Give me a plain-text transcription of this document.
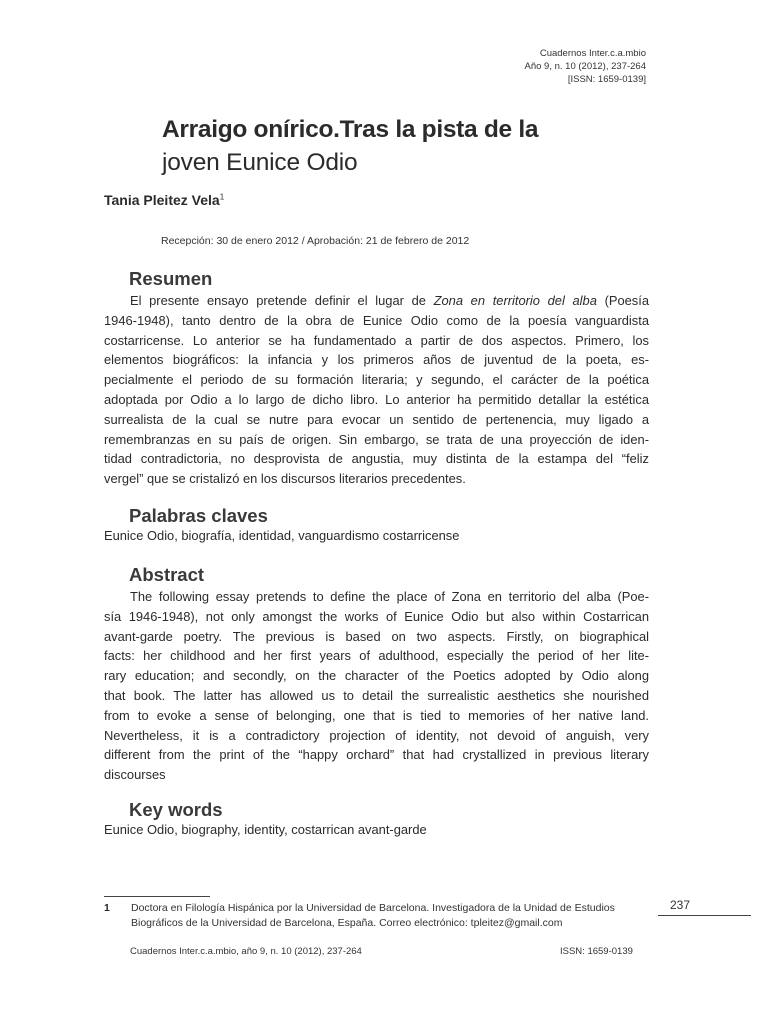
Cuadernos Inter.c.a.mbio
Año 9, n. 10 (2012), 237-264
[ISSN: 1659-0139]
Arraigo onírico.Tras la pista de la
joven Eunice Odio
Tania Pleitez Vela$^1$
Recepción: 30 de enero 2012 / Aprobación: 21 de febrero de 2012
Resumen
El presente ensayo pretende definir el lugar de Zona en territorio del alba (Poesía
1946-1948), tanto dentro de la obra de Eunice Odio como de la poesía vanguardista
costarricense. Lo anterior se ha fundamentado a partir de dos aspectos. Primero, los
elementos biográficos: la infancia y los primeros años de juventud de la poeta, es-
pecialmente el periodo de su formación literaria; y segundo, el carácter de la poética
adoptada por Odio a lo largo de dicho libro. Lo anterior ha permitido detallar la estética
surrealista de la cual se nutre para evocar un sentido de pertenencia, muy ligado a
remembranzas en su país de origen. Sin embargo, se trata de una proyección de iden-
tidad contradictoria, no desprovista de angustia, muy distinta de la estampa del “feliz
vergel” que se cristalizó en los discursos literarios precedentes.
Palabras claves
Eunice Odio, biografía, identidad, vanguardismo costarricense
Abstract
The following essay pretends to define the place of Zona en territorio del alba (Poe-
sía 1946-1948), not only amongst the works of Eunice Odio but also within Costarrican
avant-garde poetry. The previous is based on two aspects. Firstly, on biographical
facts: her childhood and her first years of adulthood, especially the period of her lite-
rary education; and secondly, on the character of the Poetics adopted by Odio along
that book. The latter has allowed us to detail the surrealistic aesthetics she nourished
from to evoke a sense of belonging, one that is tied to memories of her native land.
Nevertheless, it is a contradictory projection of identity, not devoid of anguish, very
different from the print of the “happy orchard” that had crystallized in previous literary
discourses
Key words
Eunice Odio, biography, identity, costarrican avant-garde
1 Doctora en Filología Hispánica por la Universidad de Barcelona. Investigadora de la Unidad de Estudios
Biográficos de la Universidad de Barcelona, España. Correo electrónico: tpleitez@gmail.com
237
Cuadernos Inter.c.a.mbio, año 9, n. 10 (2012), 237-264	ISSN: 1659-0139
